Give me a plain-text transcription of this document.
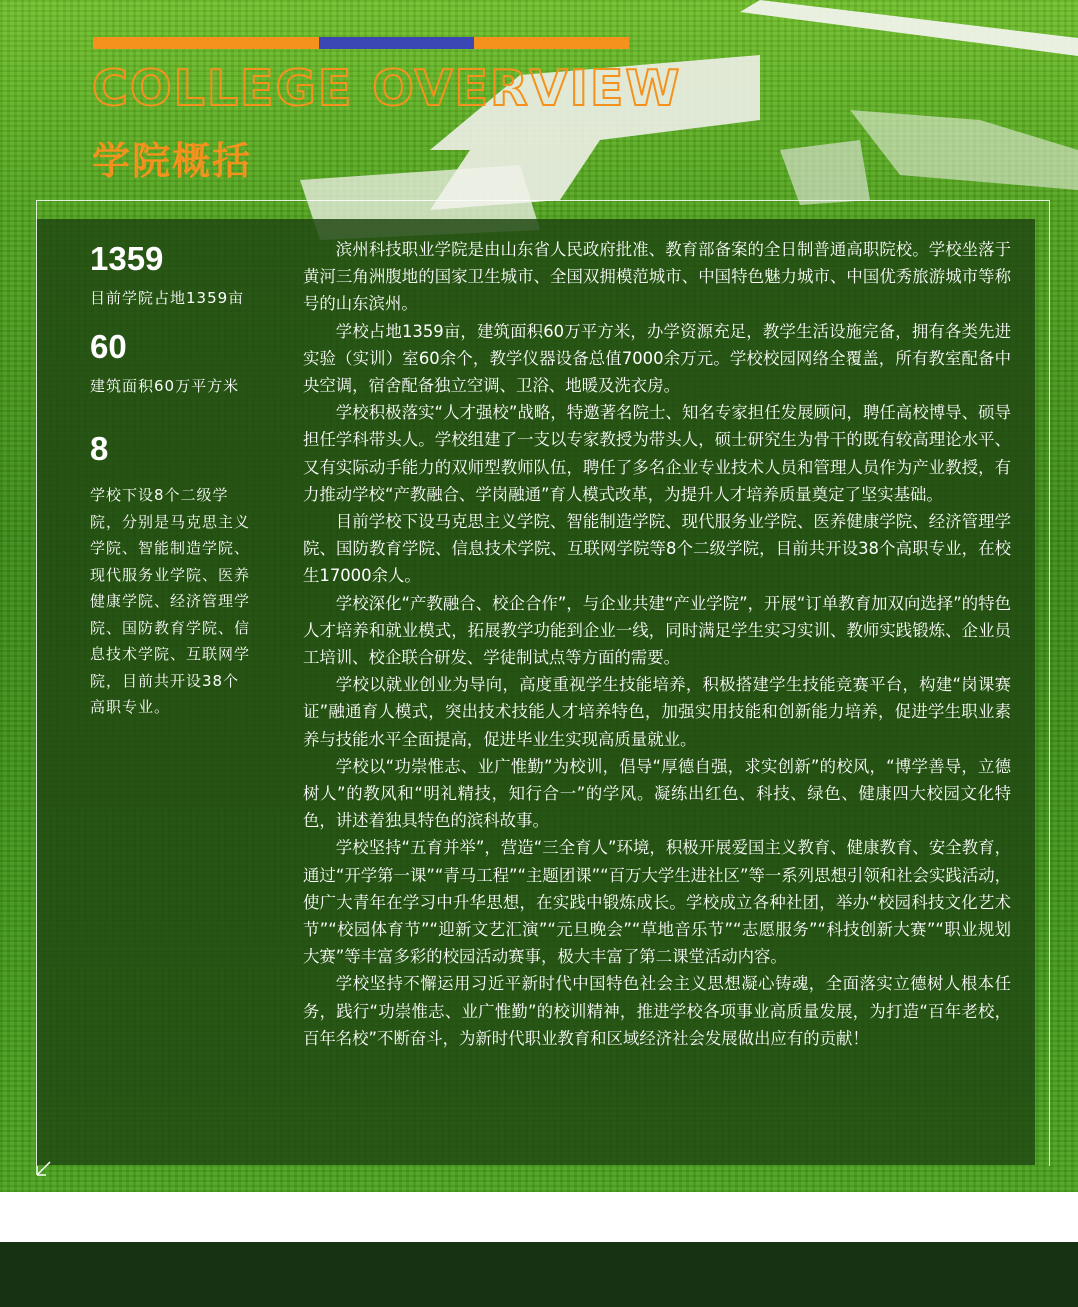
COLLEGE OVERVIEW
学院概括
1359
目前学院占地1359亩
60
建筑面积60万平方米
8
学校下设8个二级学院，分别是马克思主义学院、智能制造学院、现代服务业学院、医养健康学院、经济管理学院、国防教育学院、信息技术学院、互联网学院，目前共开设38个高职专业。

滨州科技职业学院是由山东省人民政府批准、教育部备案的全日制普通高职院校。学校坐落于黄河三角洲腹地的国家卫生城市、全国双拥模范城市、中国特色魅力城市、中国优秀旅游城市等称号的山东滨州。

学校占地1359亩，建筑面积60万平方米，办学资源充足，教学生活设施完备，拥有各类先进实验（实训）室60余个，教学仪器设备总值7000余万元。学校校园网络全覆盖，所有教室配备中央空调，宿舍配备独立空调、卫浴、地暖及洗衣房。

学校积极落实“人才强校”战略，特邀著名院士、知名专家担任发展顾问，聘任高校博导、硕导担任学科带头人。学校组建了一支以专家教授为带头人，硕士研究生为骨干的既有较高理论水平、又有实际动手能力的双师型教师队伍，聘任了多名企业专业技术人员和管理人员作为产业教授，有力推动学校“产教融合、学岗融通”育人模式改革，为提升人才培养质量奠定了坚实基础。

目前学校下设马克思主义学院、智能制造学院、现代服务业学院、医养健康学院、经济管理学院、国防教育学院、信息技术学院、互联网学院等8个二级学院，目前共开设38个高职专业，在校生17000余人。

学校深化“产教融合、校企合作”，与企业共建“产业学院”，开展“订单教育加双向选择”的特色人才培养和就业模式，拓展教学功能到企业一线，同时满足学生实习实训、教师实践锻炼、企业员工培训、校企联合研发、学徒制试点等方面的需要。

学校以就业创业为导向，高度重视学生技能培养，积极搭建学生技能竞赛平台，构建“岗课赛证”融通育人模式，突出技术技能人才培养特色，加强实用技能和创新能力培养，促进学生职业素养与技能水平全面提高，促进毕业生实现高质量就业。

学校以“功崇惟志、业广惟勤”为校训，倡导“厚德自强，求实创新”的校风，“博学善导，立德树人”的教风和“明礼精技，知行合一”的学风。凝练出红色、科技、绿色、健康四大校园文化特色，讲述着独具特色的滨科故事。

学校坚持“五育并举”，营造“三全育人”环境，积极开展爱国主义教育、健康教育、安全教育，通过“开学第一课”“青马工程”“主题团课”“百万大学生进社区”等一系列思想引领和社会实践活动，使广大青年在学习中升华思想，在实践中锻炼成长。学校成立各种社团，举办“校园科技文化艺术节”“校园体育节”“迎新文艺汇演”“元旦晚会”“草地音乐节”“志愿服务”“科技创新大赛”“职业规划大赛”等丰富多彩的校园活动赛事，极大丰富了第二课堂活动内容。

学校坚持不懈运用习近平新时代中国特色社会主义思想凝心铸魂，全面落实立德树人根本任务，践行“功崇惟志、业广惟勤”的校训精神，推进学校各项事业高质量发展，为打造“百年老校，百年名校”不断奋斗，为新时代职业教育和区域经济社会发展做出应有的贡献！
